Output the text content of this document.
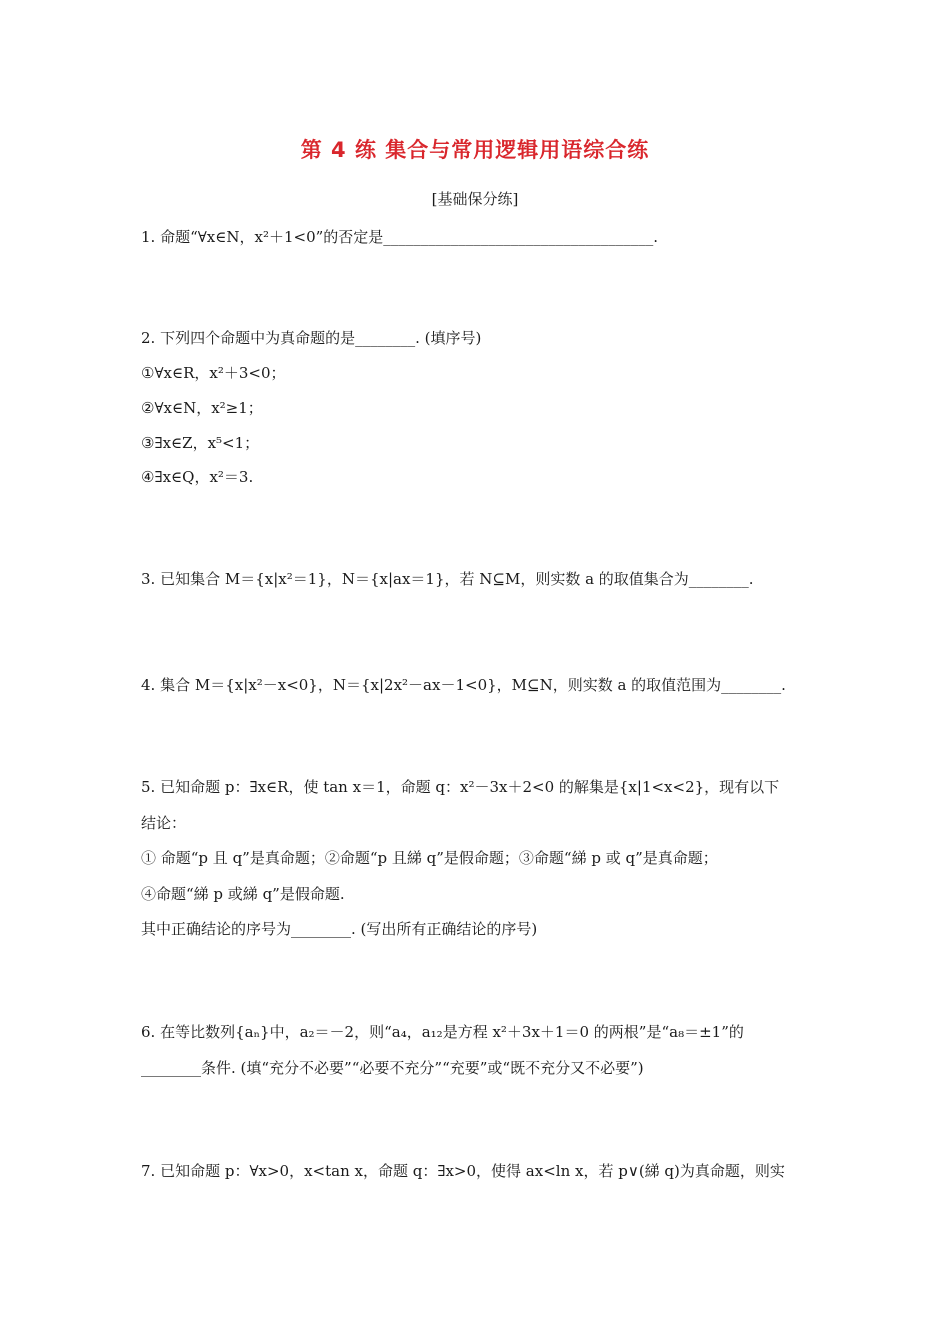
第 4 练 集合与常用逻辑用语综合练
[基础保分练]
1. 命题“∀x∈N，x²＋1<0”的否定是____________________________________.
2. 下列四个命题中为真命题的是________. (填序号)
①∀x∈R，x²＋3<0；
②∀x∈N，x²≥1；
③∃x∈Z，x⁵<1；
④∃x∈Q，x²＝3.
3. 已知集合 M＝{x|x²＝1}，N＝{x|ax＝1}，若 N⊆M，则实数 a 的取值集合为________.
4. 集合 M＝{x|x²－x<0}，N＝{x|2x²－ax－1<0}，M⊆N，则实数 a 的取值范围为________.
5. 已知命题 p：∃x∈R，使 tan x＝1，命题 q：x²－3x＋2<0 的解集是{x|1<x<2}，现有以下
结论：
① 命题“p 且 q”是真命题；②命题“p 且綈 q”是假命题；③命题“綈 p 或 q”是真命题；
④命题“綈 p 或綈 q”是假命题.
其中正确结论的序号为________. (写出所有正确结论的序号)
6. 在等比数列{aₙ}中，a₂＝－2，则“a₄，a₁₂是方程 x²＋3x＋1＝0 的两根”是“a₈＝±1”的
________条件. (填“充分不必要”“必要不充分”“充要”或“既不充分又不必要”)
7. 已知命题 p：∀x>0，x<tan x，命题 q：∃x>0，使得 ax<ln x，若 p∨(綈 q)为真命题，则实
